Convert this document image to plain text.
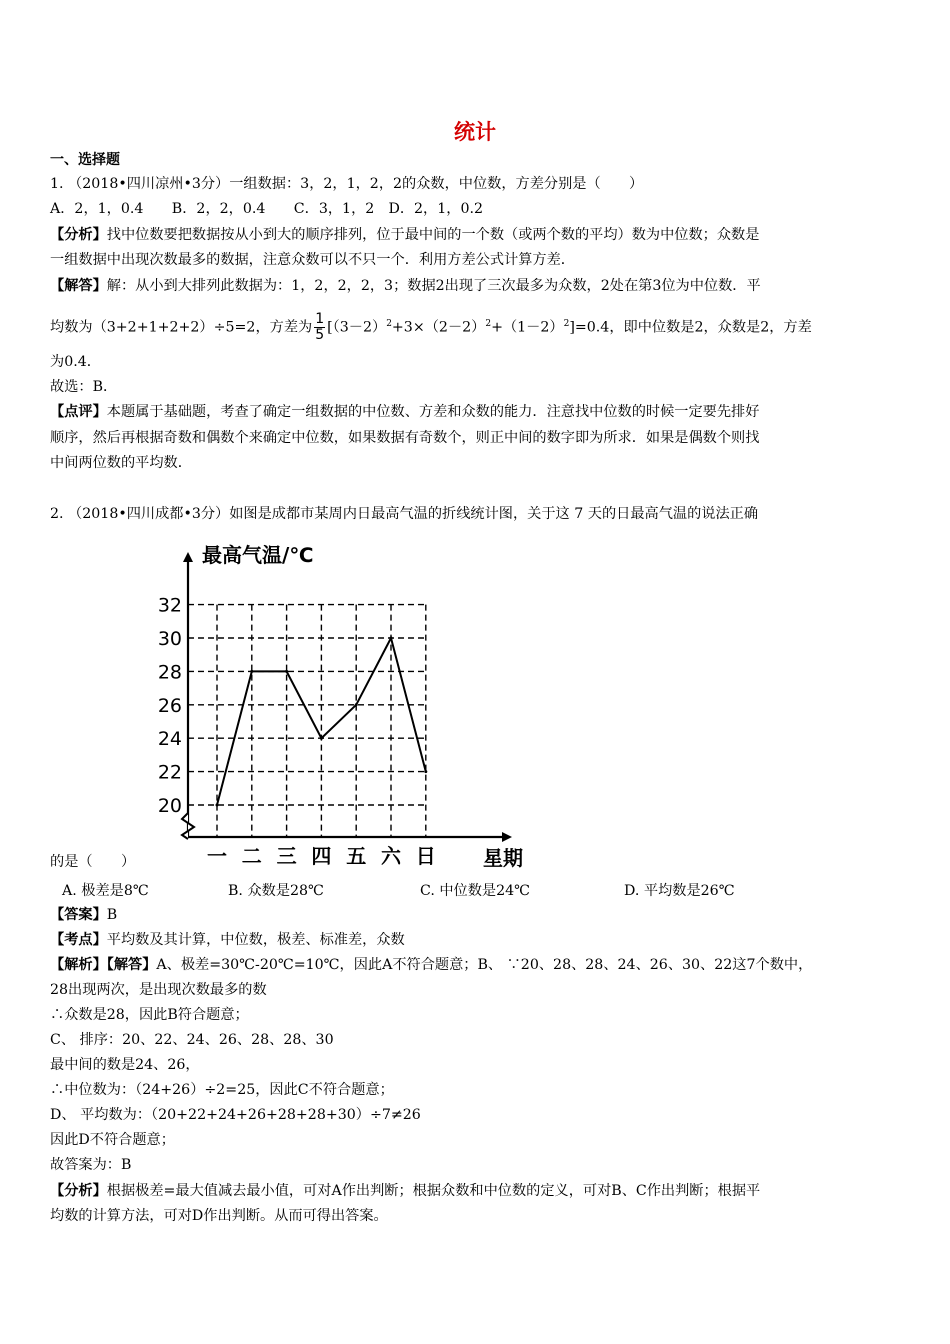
统计
一、选择题
1. （2018•四川凉州•3分）一组数据：3，2，1，2，2的众数，中位数，方差分别是（　　）
A．2，1，0.4　　B．2，2，0.4　　C．3，1，2　D．2，1，0.2
【分析】找中位数要把数据按从小到大的顺序排列，位于最中间的一个数（或两个数的平均）数为中位数；众数是
一组数据中出现次数最多的数据，注意众数可以不只一个．利用方差公式计算方差．
【解答】解：从小到大排列此数据为：1，2，2，2，3；数据2出现了三次最多为众数，2处在第3位为中位数．平
均数为（3+2+1+2+2）÷5=2，方差为 $\frac{1}{5} [(3-2)^2+3\times(2-2)^2+(1-2)^2]=0.4$，即中位数是2，众数是2，方差
为0.4．
故选：B．
【点评】本题属于基础题，考查了确定一组数据的中位数、方差和众数的能力．注意找中位数的时候一定要先排好
顺序，然后再根据奇数和偶数个来确定中位数，如果数据有奇数个，则正中间的数字即为所求．如果是偶数个则找
中间两位数的平均数．
2. （2018•四川成都•3分）如图是成都市某周内日最高气温的折线统计图，关于这 7 天的日最高气温的说法正确
20
22
24
26
28
30
32
一 二 三 四 五 六 日
最高气温/℃
星期
的是（　　）
A. 极差是8℃	B. 众数是28℃	C. 中位数是24℃	D. 平均数是26℃
【答案】B
【考点】平均数及其计算，中位数，极差、标准差，众数
【解析】【解答】A、极差=30℃-20℃=10℃，因此A不符合题意；B、 ∵20、28、28、24、26、30、22这7个数中，
28出现两次，是出现次数最多的数
∴众数是28，因此B符合题意；
C、 排序：20、22、24、26、28、28、30
最中间的数是24、26，
∴中位数为：（24+26）÷2=25，因此C不符合题意；
D、 平均数为：（20+22+24+26+28+28+30）÷7≠26
因此D不符合题意；
故答案为：B
【分析】根据极差=最大值减去最小值，可对A作出判断；根据众数和中位数的定义，可对B、C作出判断；根据平
均数的计算方法，可对D作出判断。从而可得出答案。
